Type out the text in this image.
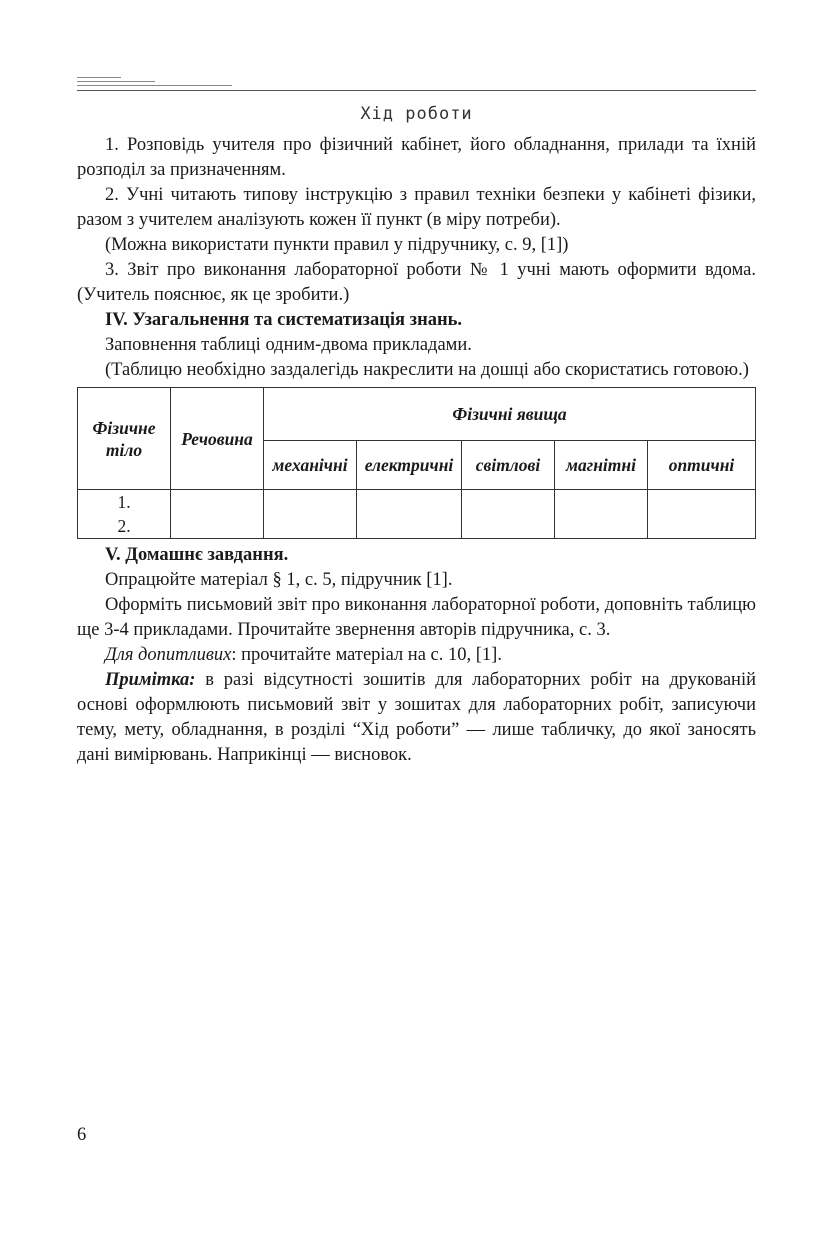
Хід роботи

1. Розповідь учителя про фізичний кабінет, його обладнання, прилади та їхній розподіл за призначенням.

2. Учні читають типову інструкцію з правил техніки безпеки у кабінеті фізики, разом з учителем аналізують кожен її пункт (в міру потреби).

(Можна використати пункти правил у підручнику, с. 9, [1])

3. Звіт про виконання лабораторної роботи № 1 учні мають оформити вдома. (Учитель пояснює, як це зробити.)

IV. Узагальнення та систематизація знань.

Заповнення таблиці одним-двома прикладами.

(Таблицю необхідно заздалегідь накреслити на дошці або скористатись готовою.)

Фізичне тіло	Речовина	Фізичні явища				
		механічні	електричні	світлові	магнітні	оптичні

1.
2.						

V. Домашнє завдання.

Опрацюйте матеріал § 1, с. 5, підручник [1].

Оформіть письмовий звіт про виконання лабораторної роботи, доповніть таблицю ще 3-4 прикладами. Прочитайте звернення авторів підручника, с. 3.

Для допитливих: прочитайте матеріал на с. 10, [1].

Примітка: в разі відсутності зошитів для лабораторних робіт на друкованій основі оформлюють письмовий звіт у зошитах для лабораторних робіт, записуючи тему, мету, обладнання, в розділі “Хід роботи” — лише табличку, до якої заносять дані вимірювань. Наприкінці — висновок.

6
